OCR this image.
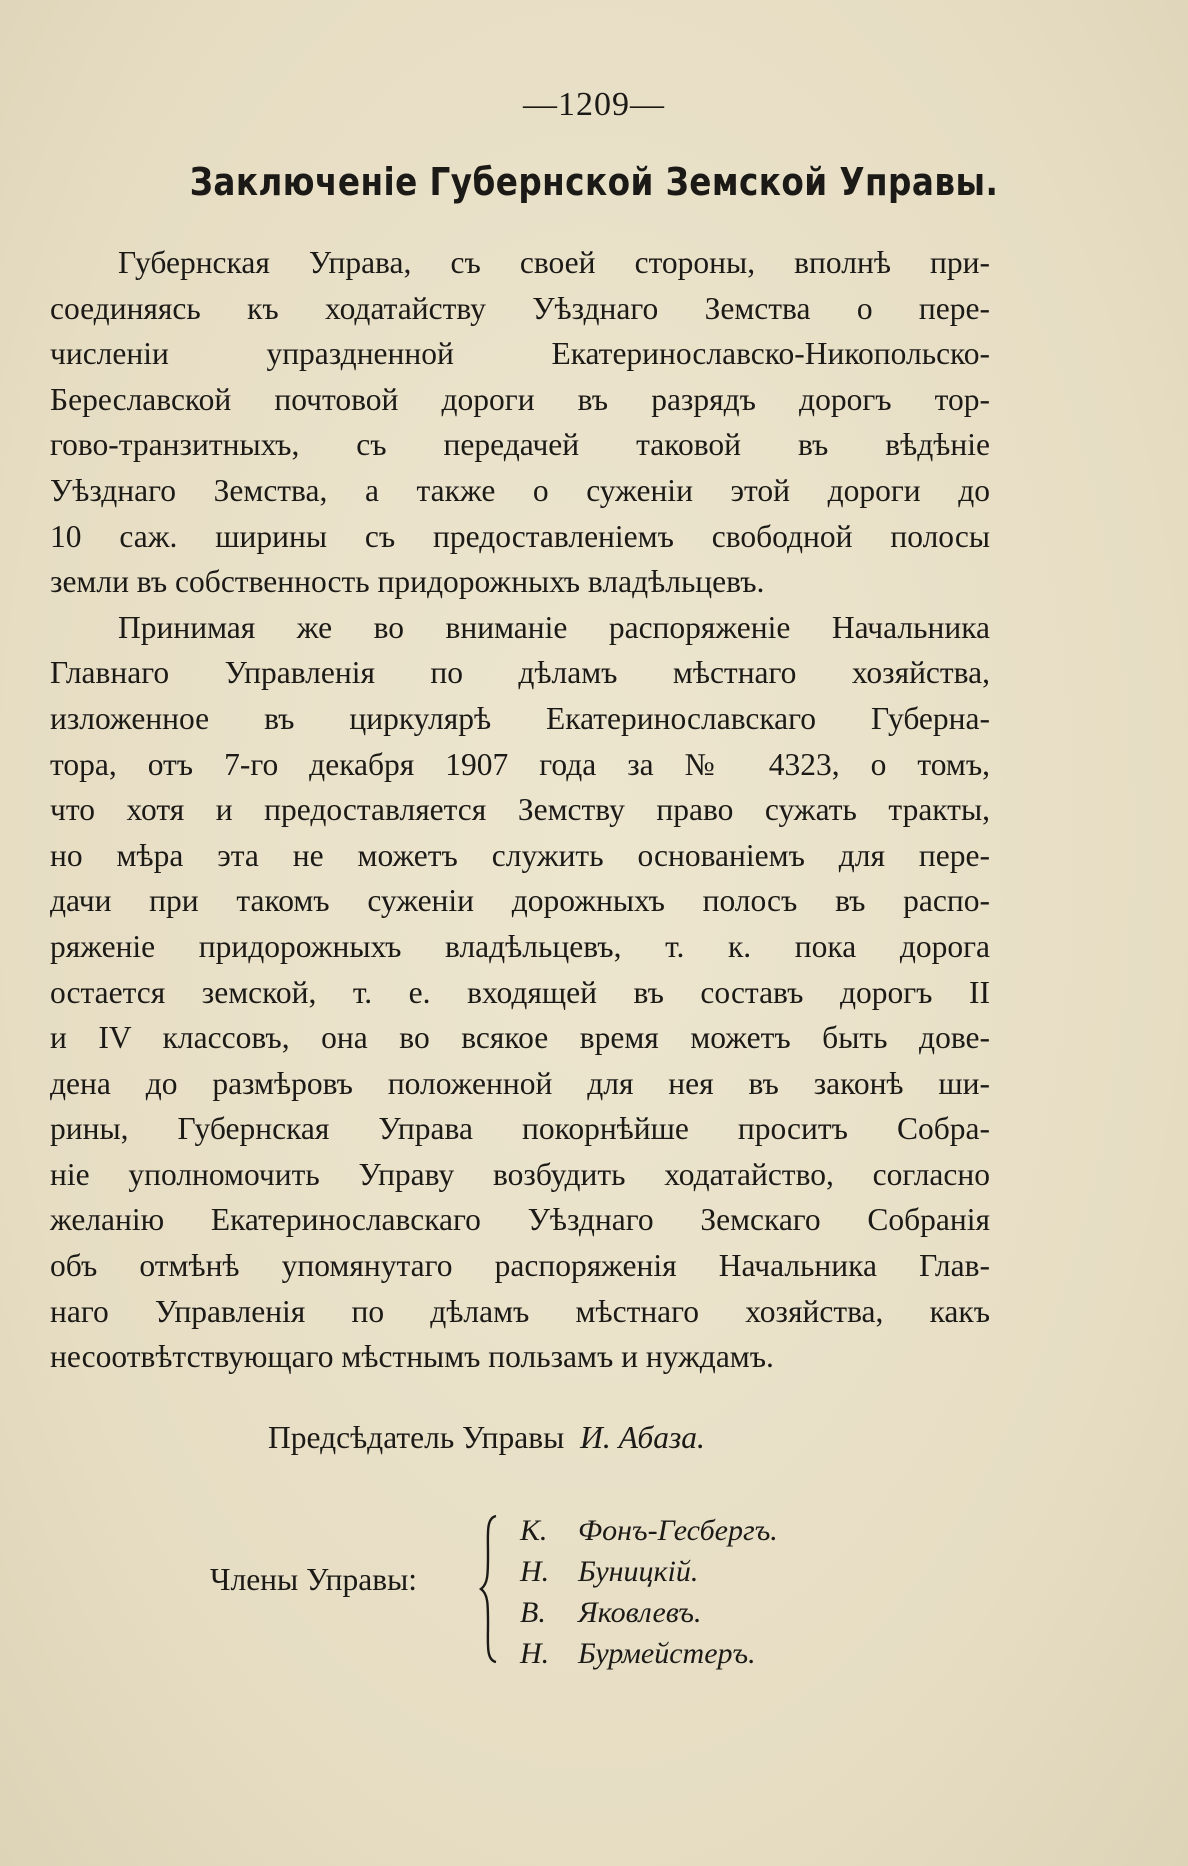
—1209—
Заключеніе Губернской Земской Управы.
Губернская Управа, съ своей стороны, вполнѣ при-
соединяясь къ ходатайству Уѣзднаго Земства о пере-
численіи упраздненной Екатеринославско-Никопольско-
Береславской почтовой дороги въ разрядъ дорогъ тор-
гово-транзитныхъ, съ передачей таковой въ вѣдѣніе
Уѣзднаго Земства, а также о суженіи этой дороги до
10 саж. ширины съ предоставленіемъ свободной полосы
земли въ собственность придорожныхъ владѣльцевъ.
Принимая же во вниманіе распоряженіе Начальника
Главнаго Управленія по дѣламъ мѣстнаго хозяйства,
изложенное въ циркулярѣ Екатеринославскаго Губерна-
тора, отъ 7-го декабря 1907 года за № 4323, о томъ,
что хотя и предоставляется Земству право сужать тракты,
но мѣра эта не можетъ служить основаніемъ для пере-
дачи при такомъ суженіи дорожныхъ полосъ въ распо-
ряженіе придорожныхъ владѣльцевъ, т. к. пока дорога
остается земской, т. е. входящей въ составъ дорогъ II
и IV классовъ, она во всякое время можетъ быть дове-
дена до размѣровъ положенной для нея въ законѣ ши-
рины, Губернская Управа покорнѣйше проситъ Собра-
ніе уполномочить Управу возбудить ходатайство, согласно
желанію Екатеринославскаго Уѣзднаго Земскаго Собранія
объ отмѣнѣ упомянутаго распоряженія Начальника Глав-
наго Управленія по дѣламъ мѣстнаго хозяйства, какъ
несоотвѣтствующаго мѣстнымъ пользамъ и нуждамъ.
Предсѣдатель Управы И. Абаза.
Члены Управы:
К. Фонъ-Гесбергъ.
Н. Буницкій.
В. Яковлевъ.
Н. Бурмейстеръ.
